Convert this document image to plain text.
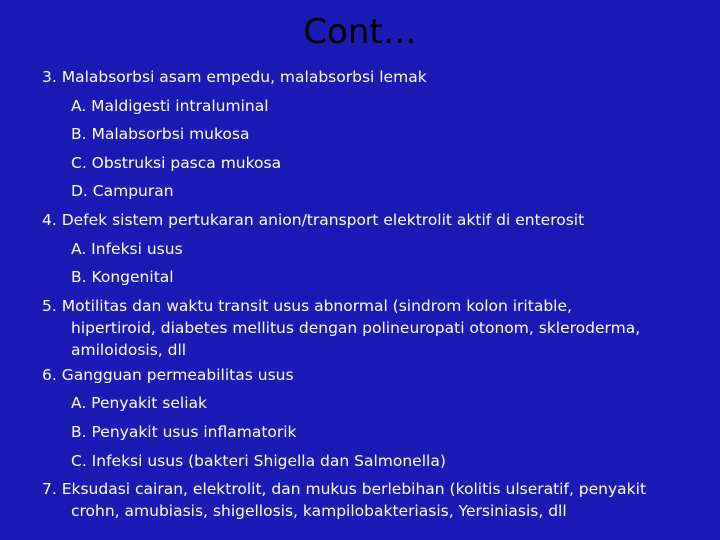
Cont…
3. Malabsorbsi asam empedu, malabsorbsi lemak
A. Maldigesti intraluminal
B. Malabsorbsi mukosa
C. Obstruksi pasca mukosa
D. Campuran
4. Defek sistem pertukaran anion/transport elektrolit aktif di enterosit
A. Infeksi usus
B. Kongenital
5. Motilitas dan waktu transit usus abnormal (sindrom kolon iritable,
hipertiroid, diabetes mellitus dengan polineuropati otonom, skleroderma,
amiloidosis, dll
6. Gangguan permeabilitas usus
A. Penyakit seliak
B. Penyakit usus inflamatorik
C. Infeksi usus (bakteri Shigella dan Salmonella)
7. Eksudasi cairan, elektrolit, dan mukus berlebihan (kolitis ulseratif, penyakit
crohn, amubiasis, shigellosis, kampilobakteriasis, Yersiniasis, dll
